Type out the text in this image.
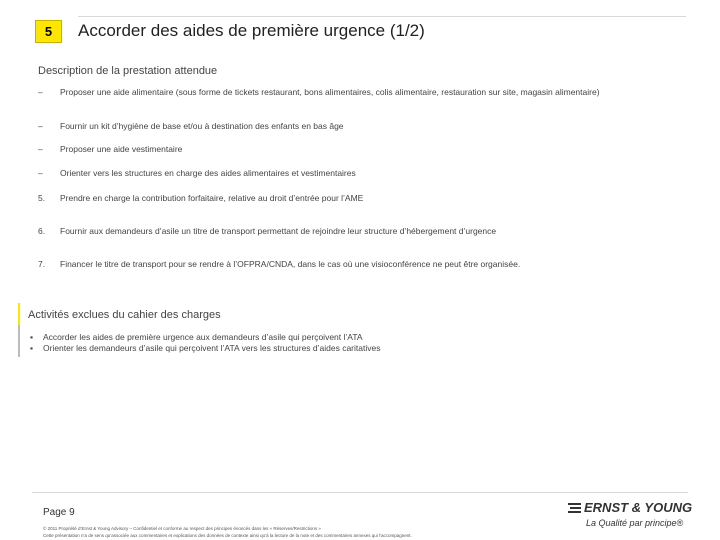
5	Accorder des aides de première urgence (1/2)
Description de la prestation attendue
– Proposer une aide alimentaire (sous forme de tickets restaurant, bons alimentaires, colis alimentaire, restauration sur site, magasin alimentaire)
– Fournir un kit d’hygiène de base et/ou à destination des enfants en bas âge
– Proposer une aide vestimentaire
– Orienter vers les structures en charge des aides alimentaires et vestimentaires
5. Prendre en charge la contribution forfaitaire, relative au droit d’entrée pour l’AME
6. Fournir aux demandeurs d’asile un titre de transport permettant de rejoindre leur structure d’hébergement d’urgence
7. Financer le titre de transport pour se rendre à l’OFPRA/CNDA, dans le cas où une visioconférence ne peut être organisée.
Activités exclues du cahier des charges
▪ Accorder les aides de première urgence aux demandeurs d’asile qui perçoivent l’ATA
▪ Orienter les demandeurs d’asile qui perçoivent l’ATA vers les structures d’aides caritatives
Page 9
© 2011 Propriété d’Ernst & Young Advisory – Confidentiel et conforme au respect des principes énoncés dans les « Réserves/Restrictions »
Cette présentation n’a de sens qu’associée aux commentaires et explications des données de contexte ainsi qu’à la lecture de la note et des commentaires annexes qui l’accompagnent.
ERNST & YOUNG
La Qualité par principe®
